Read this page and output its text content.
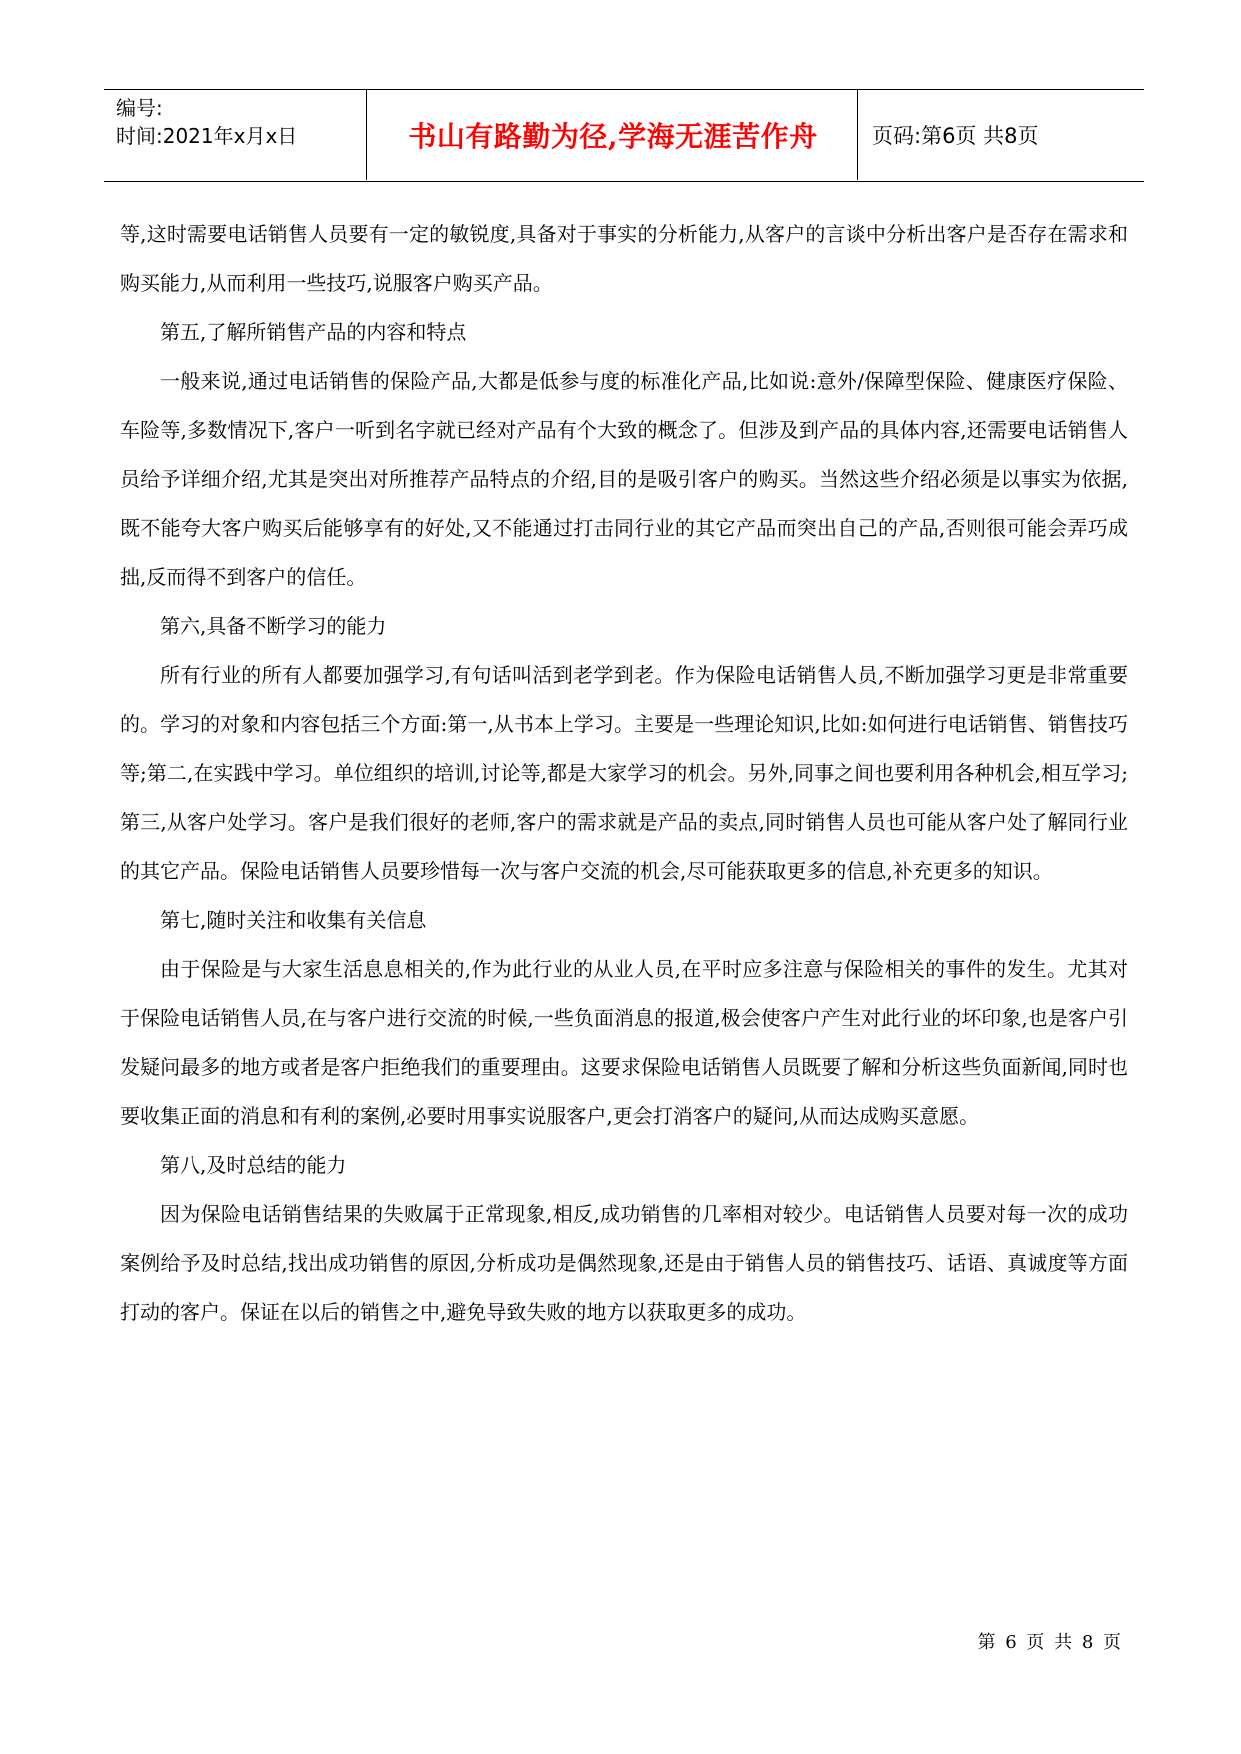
编号:
时间:2021年x月x日	书山有路勤为径,学海无涯苦作舟	页码:第6页 共8页

等,这时需要电话销售人员要有一定的敏锐度,具备对于事实的分析能力,从客户的言谈中分析出客户是否存在需求和购买能力,从而利用一些技巧,说服客户购买产品。

第五,了解所销售产品的内容和特点

一般来说,通过电话销售的保险产品,大都是低参与度的标准化产品,比如说:意外/保障型保险、健康医疗保险、车险等,多数情况下,客户一听到名字就已经对产品有个大致的概念了。但涉及到产品的具体内容,还需要电话销售人员给予详细介绍,尤其是突出对所推荐产品特点的介绍,目的是吸引客户的购买。当然这些介绍必须是以事实为依据,既不能夸大客户购买后能够享有的好处,又不能通过打击同行业的其它产品而突出自己的产品,否则很可能会弄巧成拙,反而得不到客户的信任。

第六,具备不断学习的能力

所有行业的所有人都要加强学习,有句话叫活到老学到老。作为保险电话销售人员,不断加强学习更是非常重要的。学习的对象和内容包括三个方面:第一,从书本上学习。主要是一些理论知识,比如:如何进行电话销售、销售技巧等;第二,在实践中学习。单位组织的培训,讨论等,都是大家学习的机会。另外,同事之间也要利用各种机会,相互学习;第三,从客户处学习。客户是我们很好的老师,客户的需求就是产品的卖点,同时销售人员也可能从客户处了解同行业的其它产品。保险电话销售人员要珍惜每一次与客户交流的机会,尽可能获取更多的信息,补充更多的知识。

第七,随时关注和收集有关信息

由于保险是与大家生活息息相关的,作为此行业的从业人员,在平时应多注意与保险相关的事件的发生。尤其对于保险电话销售人员,在与客户进行交流的时候,一些负面消息的报道,极会使客户产生对此行业的坏印象,也是客户引发疑问最多的地方或者是客户拒绝我们的重要理由。这要求保险电话销售人员既要了解和分析这些负面新闻,同时也要收集正面的消息和有利的案例,必要时用事实说服客户,更会打消客户的疑问,从而达成购买意愿。

第八,及时总结的能力

因为保险电话销售结果的失败属于正常现象,相反,成功销售的几率相对较少。电话销售人员要对每一次的成功案例给予及时总结,找出成功销售的原因,分析成功是偶然现象,还是由于销售人员的销售技巧、话语、真诚度等方面打动的客户。保证在以后的销售之中,避免导致失败的地方以获取更多的成功。

第 6 页 共 8 页
